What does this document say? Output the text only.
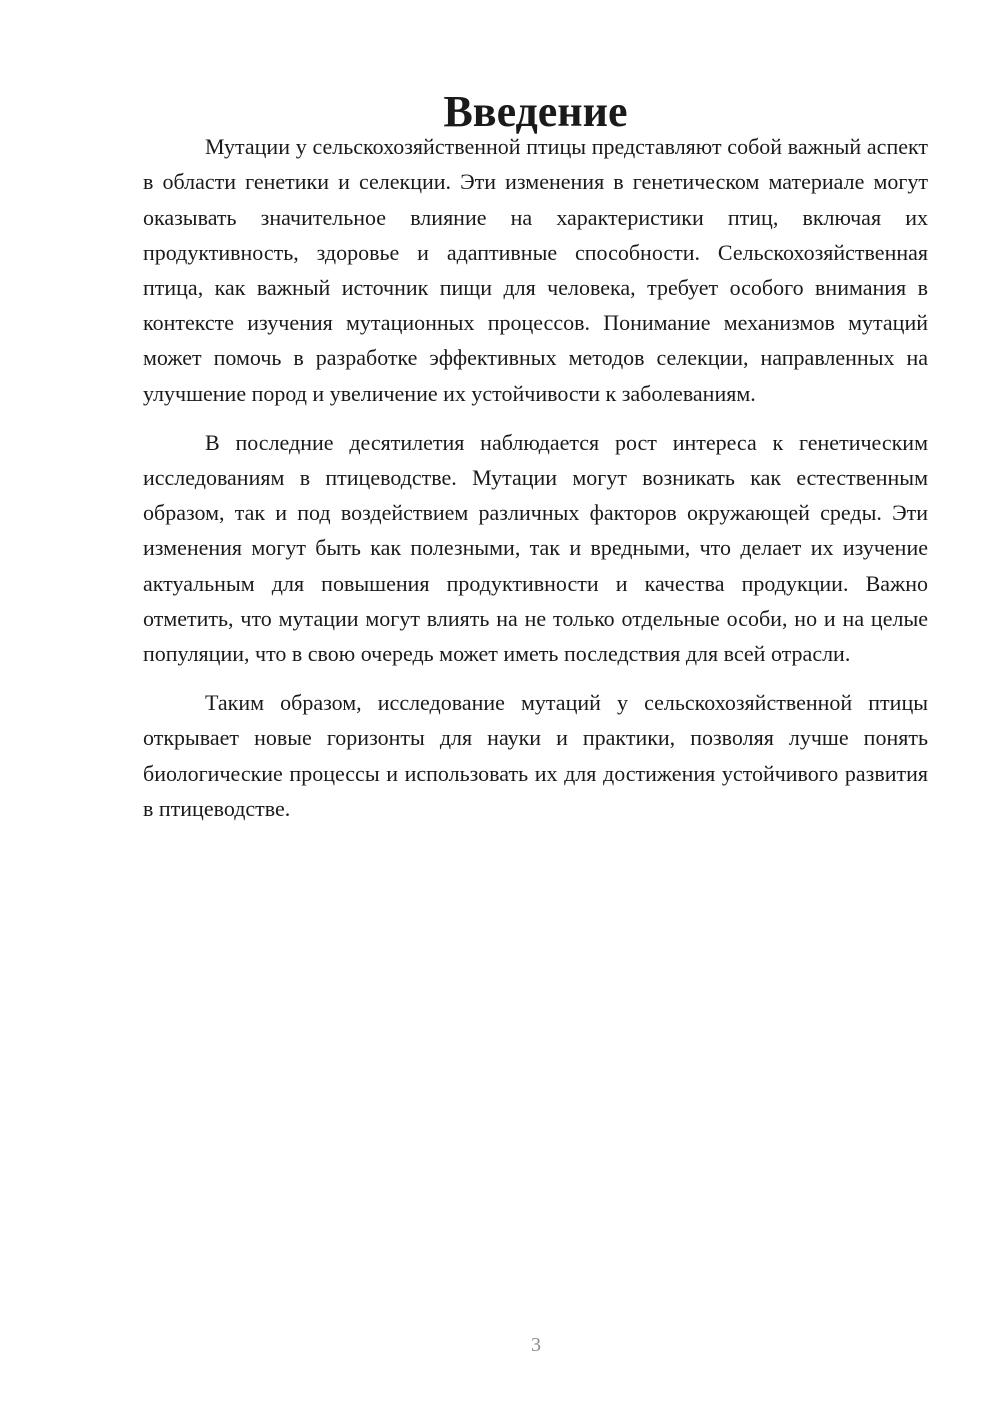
Введение

Мутации у сельскохозяйственной птицы представляют собой важный аспект в области генетики и селекции. Эти изменения в генетическом материале могут оказывать значительное влияние на характеристики птиц, включая их продуктивность, здоровье и адаптивные способности. Сельскохозяйственная птица, как важный источник пищи для человека, требует особого внимания в контексте изучения мутационных процессов. Понимание механизмов мутаций может помочь в разработке эффективных методов селекции, направленных на улучшение пород и увеличение их устойчивости к заболеваниям.

В последние десятилетия наблюдается рост интереса к генетическим исследованиям в птицеводстве. Мутации могут возникать как естественным образом, так и под воздействием различных факторов окружающей среды. Эти изменения могут быть как полезными, так и вредными, что делает их изучение актуальным для повышения продуктивности и качества продукции. Важно отметить, что мутации могут влиять на не только отдельные особи, но и на целые популяции, что в свою очередь может иметь последствия для всей отрасли.

Таким образом, исследование мутаций у сельскохозяйственной птицы открывает новые горизонты для науки и практики, позволяя лучше понять биологические процессы и использовать их для достижения устойчивого развития в птицеводстве.

3
